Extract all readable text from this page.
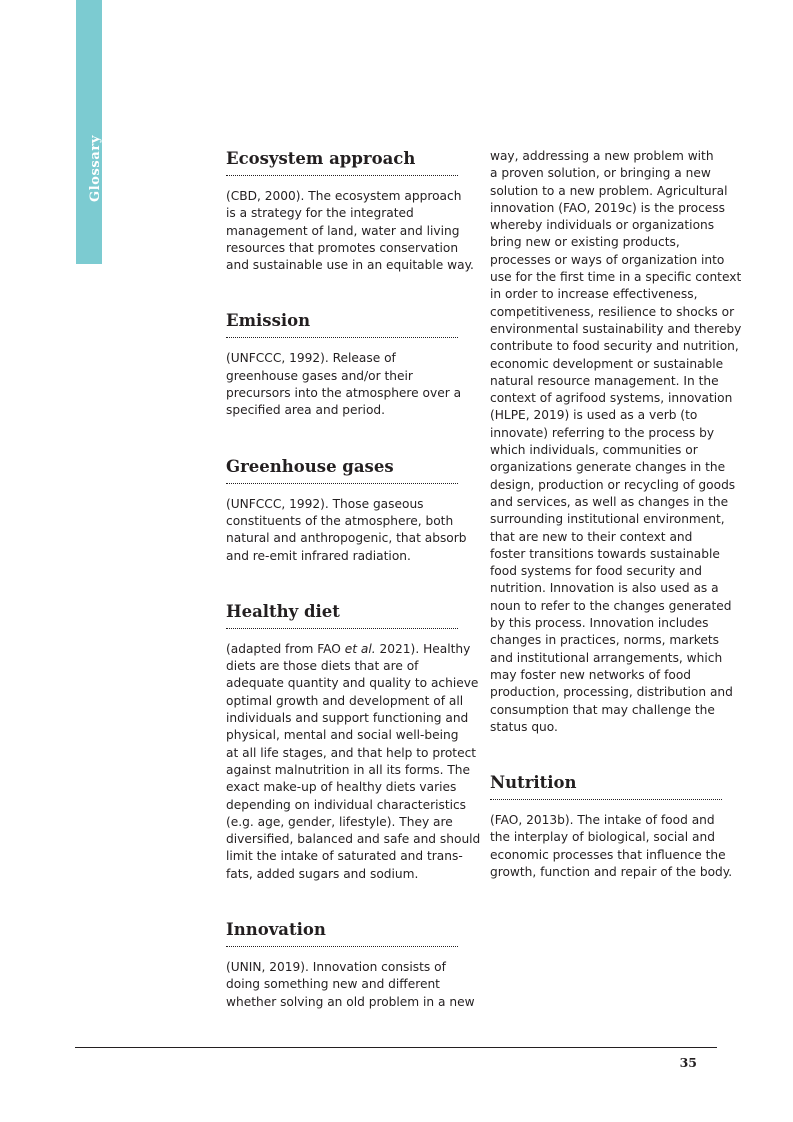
Glossary	Ecosystem approach
(CBD, 2000). The ecosystem approach
is a strategy for the integrated
management of land, water and living
resources that promotes conservation
and sustainable use in an equitable way.
Emission
(UNFCCC, 1992). Release of
greenhouse gases and/or their
precursors into the atmosphere over a
specified area and period.
Greenhouse gases
(UNFCCC, 1992). Those gaseous
constituents of the atmosphere, both
natural and anthropogenic, that absorb
and re-emit infrared radiation.
Healthy diet
(adapted from FAO et al. 2021). Healthy
diets are those diets that are of
adequate quantity and quality to achieve
optimal growth and development of all
individuals and support functioning and
physical, mental and social well-being
at all life stages, and that help to protect
against malnutrition in all its forms. The
exact make-up of healthy diets varies
depending on individual characteristics
(e.g. age, gender, lifestyle). They are
diversified, balanced and safe and should
limit the intake of saturated and trans-
fats, added sugars and sodium.
Innovation
(UNIN, 2019). Innovation consists of
doing something new and different
whether solving an old problem in a new
way, addressing a new problem with
a proven solution, or bringing a new
solution to a new problem. Agricultural
innovation (FAO, 2019c) is the process
whereby individuals or organizations
bring new or existing products,
processes or ways of organization into
use for the first time in a specific context
in order to increase effectiveness,
competitiveness, resilience to shocks or
environmental sustainability and thereby
contribute to food security and nutrition,
economic development or sustainable
natural resource management. In the
context of agrifood systems, innovation
(HLPE, 2019) is used as a verb (to
innovate) referring to the process by
which individuals, communities or
organizations generate changes in the
design, production or recycling of goods
and services, as well as changes in the
surrounding institutional environment,
that are new to their context and
foster transitions towards sustainable
food systems for food security and
nutrition. Innovation is also used as a
noun to refer to the changes generated
by this process. Innovation includes
changes in practices, norms, markets
and institutional arrangements, which
may foster new networks of food
production, processing, distribution and
consumption that may challenge the
status quo.
Nutrition
(FAO, 2013b). The intake of food and
the interplay of biological, social and
economic processes that influence the
growth, function and repair of the body.
35
